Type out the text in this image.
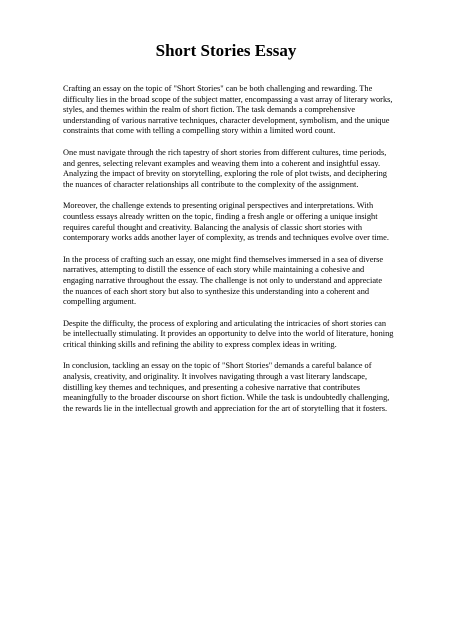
Short Stories Essay

Crafting an essay on the topic of "Short Stories" can be both challenging and rewarding. The difficulty lies in the broad scope of the subject matter, encompassing a vast array of literary works, styles, and themes within the realm of short fiction. The task demands a comprehensive understanding of various narrative techniques, character development, symbolism, and the unique constraints that come with telling a compelling story within a limited word count.

One must navigate through the rich tapestry of short stories from different cultures, time periods, and genres, selecting relevant examples and weaving them into a coherent and insightful essay. Analyzing the impact of brevity on storytelling, exploring the role of plot twists, and deciphering the nuances of character relationships all contribute to the complexity of the assignment.

Moreover, the challenge extends to presenting original perspectives and interpretations. With countless essays already written on the topic, finding a fresh angle or offering a unique insight requires careful thought and creativity. Balancing the analysis of classic short stories with contemporary works adds another layer of complexity, as trends and techniques evolve over time.

In the process of crafting such an essay, one might find themselves immersed in a sea of diverse narratives, attempting to distill the essence of each story while maintaining a cohesive and engaging narrative throughout the essay. The challenge is not only to understand and appreciate the nuances of each short story but also to synthesize this understanding into a coherent and compelling argument.

Despite the difficulty, the process of exploring and articulating the intricacies of short stories can be intellectually stimulating. It provides an opportunity to delve into the world of literature, honing critical thinking skills and refining the ability to express complex ideas in writing.

In conclusion, tackling an essay on the topic of "Short Stories" demands a careful balance of analysis, creativity, and originality. It involves navigating through a vast literary landscape, distilling key themes and techniques, and presenting a cohesive narrative that contributes meaningfully to the broader discourse on short fiction. While the task is undoubtedly challenging, the rewards lie in the intellectual growth and appreciation for the art of storytelling that it fosters.
